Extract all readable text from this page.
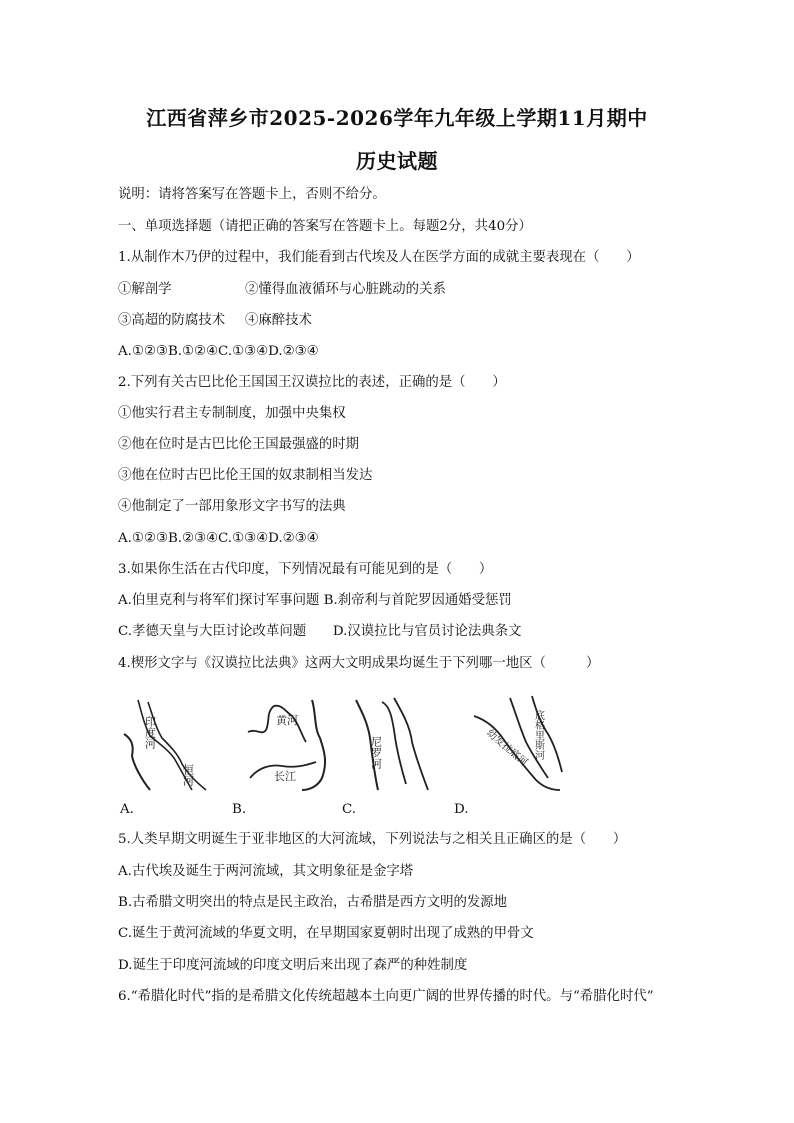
江西省萍乡市2025-2026学年九年级上学期11月期中
历史试题
说明：请将答案写在答题卡上，否则不给分。
一、单项选择题（请把正确的答案写在答题卡上。每题2分，共40分）
1.从制作木乃伊的过程中，我们能看到古代埃及人在医学方面的成就主要表现在（　　）
①解剖学	②懂得血液循环与心脏跳动的关系
③高超的防腐技术 ④麻醉技术
A.①②③B.①②④C.①③④D.②③④
2.下列有关古巴比伦王国国王汉谟拉比的表述，正确的是（　　）
①他实行君主专制制度，加强中央集权
②他在位时是古巴比伦王国最强盛的时期
③他在位时古巴比伦王国的奴隶制相当发达
④他制定了一部用象形文字书写的法典
A.①②③B.②③④C.①③④D.②③④
3.如果你生活在古代印度，下列情况最有可能见到的是（　　）
A.伯里克利与将军们探讨军事问题 B.刹帝利与首陀罗因通婚受惩罚
C.孝德天皇与大臣讨论改革问题　　D.汉谟拉比与官员讨论法典条文
4.楔形文字与《汉谟拉比法典》这两大文明成果均诞生于下列哪一地区（　　　）
印度河
恒河
A.
黄河
长江
B.
尼罗河
C.
幼发拉底河 底格里斯河
D.
5.人类早期文明诞生于亚非地区的大河流域，下列说法与之相关且正确区的是（　　）
A.古代埃及诞生于两河流域，其文明象征是金字塔
B.古希腊文明突出的特点是民主政治，古希腊是西方文明的发源地
C.诞生于黄河流域的华夏文明，在早期国家夏朝时出现了成熟的甲骨文
D.诞生于印度河流域的印度文明后来出现了森严的种姓制度
6.“希腊化时代”指的是希腊文化传统超越本土向更广阔的世界传播的时代。与“希腊化时代”
